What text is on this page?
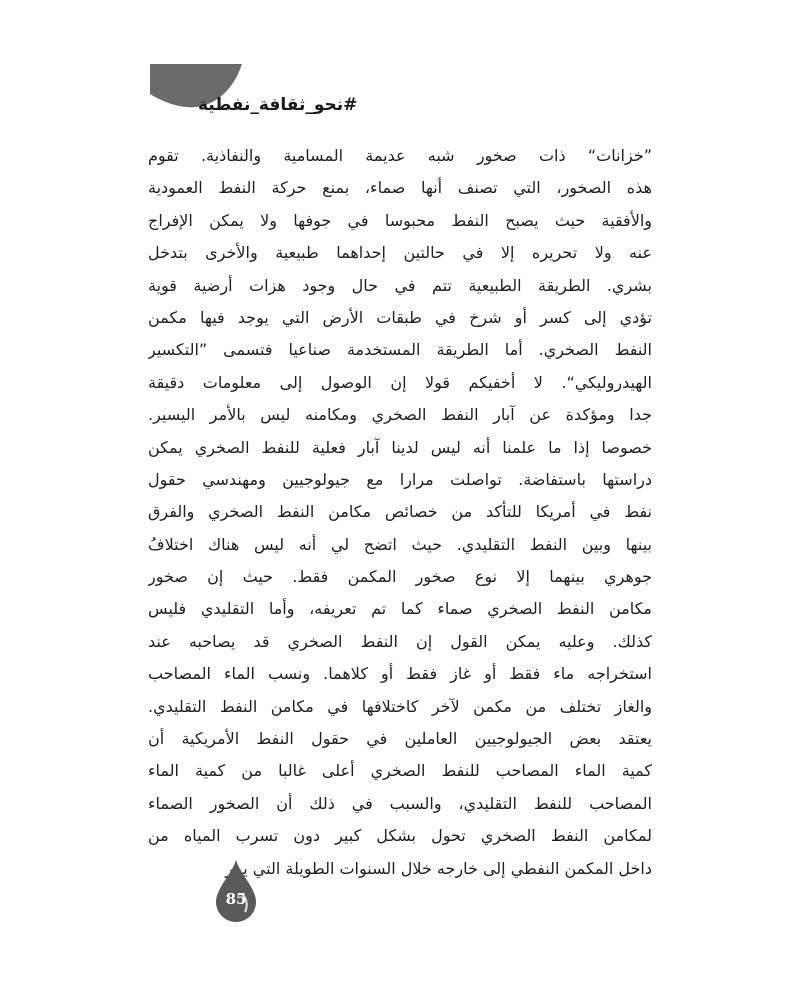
#نحو_ثقافة_نفطية
”خزانات“ ذات صخور شبه عديمة المسامية والنفاذية. تقوم
هذه الصخور، التي تصنف أنها صماء، بمنع حركة النفط العمودية
والأفقية حيث يصبح النفط محبوسا في جوفها ولا يمكن الإفراج
عنه ولا تحريره إلا في حالتين إحداهما طبيعية والأخرى بتدخل
بشري. الطريقة الطبيعية تتم في حال وجود هزات أرضية قوية
تؤدي إلى كسر أو شرخ في طبقات الأرض التي يوجد فيها مكمن
النفط الصخري. أما الطريقة المستخدمة صناعيا فتسمى ”التكسير
الهيدروليكي“. لا أخفيكم قولا إن الوصول إلى معلومات دقيقة
جدا ومؤكدة عن آبار النفط الصخري ومكامنه ليس بالأمر اليسير.
خصوصا إذا ما علمنا أنه ليس لدينا آبار فعلية للنفط الصخري يمكن
دراستها باستفاضة. تواصلت مرارا مع جيولوجيين ومهندسي حقول
نفط في أمريكا للتأكد من خصائص مكامن النفط الصخري والفرق
بينها وبين النفط التقليدي. حيث اتضح لي أنه ليس هناك اختلافُ
جوهري بينهما إلا نوع صخور المكمن فقط. حيث إن صخور
مكامن النفط الصخري صماء كما تم تعريفه، وأما التقليدي فليس
كذلك. وعليه يمكن القول إن النفط الصخري قد يصاحبه عند
استخراجه ماء فقط أو غاز فقط أو كلاهما. ونسب الماء المصاحب
والغاز تختلف من مكمن لآخر كاختلافها في مكامن النفط التقليدي.
يعتقد بعض الجيولوجيين العاملين في حقول النفط الأمريكية أن
كمية الماء المصاحب للنفط الصخري أعلى غالبا من كمية الماء
المصاحب للنفط التقليدي، والسبب في ذلك أن الصخور الصماء
لمكامن النفط الصخري تحول بشكل كبير دون تسرب المياه من
داخل المكمن النفطي إلى خارجه خلال السنوات الطويلة التي يمر
85
